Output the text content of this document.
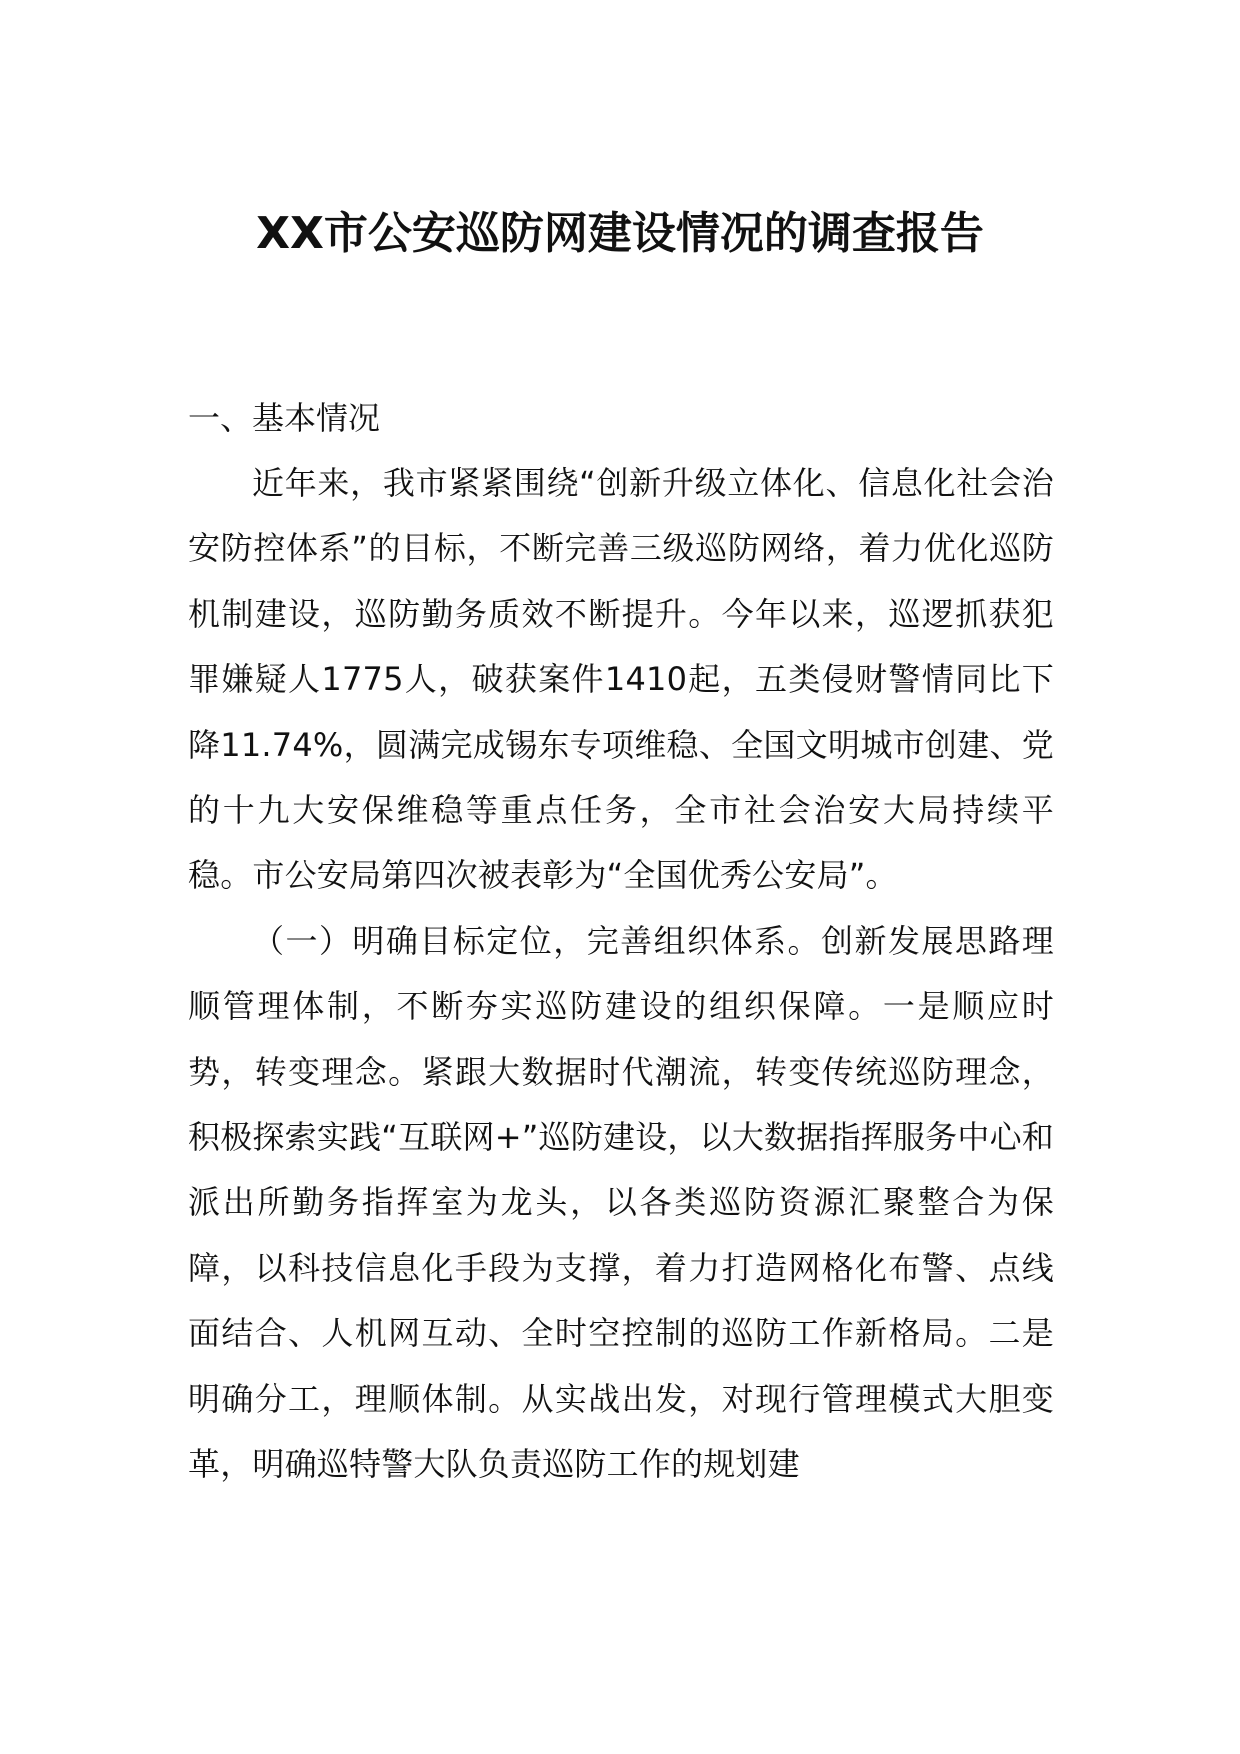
XX市公安巡防网建设情况的调查报告

一、基本情况

近年来，我市紧紧围绕“创新升级立体化、信息化社会治安防控体系”的目标，不断完善三级巡防网络，着力优化巡防机制建设，巡防勤务质效不断提升。今年以来，巡逻抓获犯罪嫌疑人1775人，破获案件1410起，五类侵财警情同比下降11.74%，圆满完成锡东专项维稳、全国文明城市创建、党的十九大安保维稳等重点任务，全市社会治安大局持续平稳。市公安局第四次被表彰为“全国优秀公安局”。

（一）明确目标定位，完善组织体系。创新发展思路理顺管理体制，不断夯实巡防建设的组织保障。一是顺应时势，转变理念。紧跟大数据时代潮流，转变传统巡防理念，积极探索实践“互联网+”巡防建设，以大数据指挥服务中心和派出所勤务指挥室为龙头，以各类巡防资源汇聚整合为保障，以科技信息化手段为支撑，着力打造网格化布警、点线面结合、人机网互动、全时空控制的巡防工作新格局。二是明确分工，理顺体制。从实战出发，对现行管理模式大胆变革，明确巡特警大队负责巡防工作的规划建
